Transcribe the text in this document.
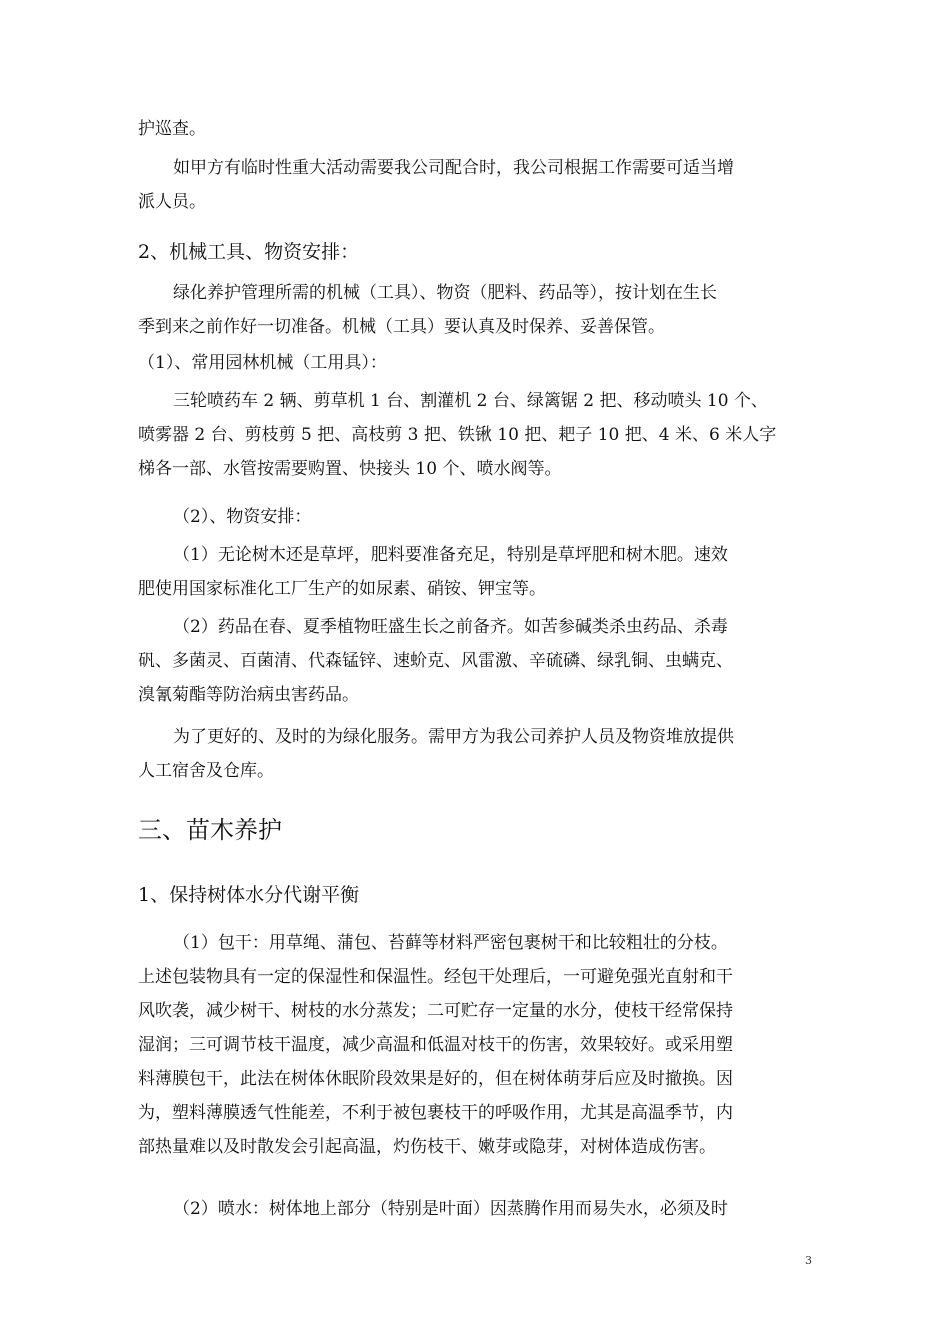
护巡查。
如甲方有临时性重大活动需要我公司配合时，我公司根据工作需要可适当增
派人员。
2、机械工具、物资安排：
绿化养护管理所需的机械（工具）、物资（肥料、药品等），按计划在生长
季到来之前作好一切准备。机械（工具）要认真及时保养、妥善保管。
（1）、常用园林机械（工用具）：
三轮喷药车 2 辆、剪草机 1 台、割灌机 2 台、绿篱锯 2 把、移动喷头 10 个、
喷雾器 2 台、剪枝剪 5 把、高枝剪 3 把、铁锹 10 把、耙子 10 把、4 米、6 米人字
梯各一部、水管按需要购置、快接头 10 个、喷水阀等。
（2）、物资安排：
（1）无论树木还是草坪，肥料要准备充足，特别是草坪肥和树木肥。速效
肥使用国家标准化工厂生产的如尿素、硝铵、钾宝等。
（2）药品在春、夏季植物旺盛生长之前备齐。如苦参碱类杀虫药品、杀毒
矾、多菌灵、百菌清、代森锰锌、速蚧克、风雷激、辛硫磷、绿乳铜、虫螨克、
溴氰菊酯等防治病虫害药品。
为了更好的、及时的为绿化服务。需甲方为我公司养护人员及物资堆放提供
人工宿舍及仓库。
三、苗木养护
1、保持树体水分代谢平衡
（1）包干：用草绳、蒲包、苔藓等材料严密包裹树干和比较粗壮的分枝。
上述包装物具有一定的保湿性和保温性。经包干处理后，一可避免强光直射和干
风吹袭，减少树干、树枝的水分蒸发；二可贮存一定量的水分，使枝干经常保持
湿润；三可调节枝干温度，减少高温和低温对枝干的伤害，效果较好。或采用塑
料薄膜包干，此法在树体休眠阶段效果是好的，但在树体萌芽后应及时撤换。因
为，塑料薄膜透气性能差，不利于被包裹枝干的呼吸作用，尤其是高温季节，内
部热量难以及时散发会引起高温，灼伤枝干、嫩芽或隐芽，对树体造成伤害。
（2）喷水：树体地上部分（特别是叶面）因蒸腾作用而易失水，必须及时
3
